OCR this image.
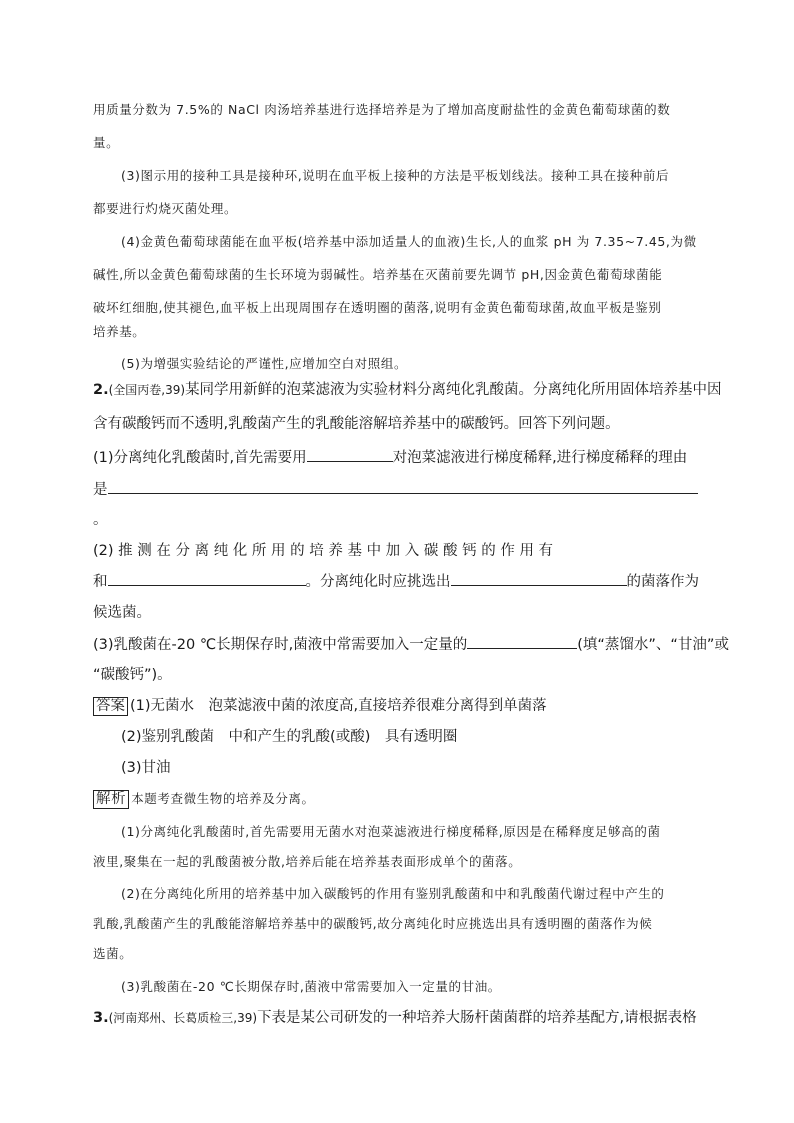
用质量分数为 7.5%的 NaCl 肉汤培养基进行选择培养是为了增加高度耐盐性的金黄色葡萄球菌的数
量。
(3)图示用的接种工具是接种环,说明在血平板上接种的方法是平板划线法。接种工具在接种前后
都要进行灼烧灭菌处理。
(4)金黄色葡萄球菌能在血平板(培养基中添加适量人的血液)生长,人的血浆 pH 为 7.35~7.45,为微
碱性,所以金黄色葡萄球菌的生长环境为弱碱性。培养基在灭菌前要先调节 pH,因金黄色葡萄球菌能
破坏红细胞,使其褪色,血平板上出现周围存在透明圈的菌落,说明有金黄色葡萄球菌,故血平板是鉴别
培养基。
(5)为增强实验结论的严谨性,应增加空白对照组。
2.(全国丙卷,39)某同学用新鲜的泡菜滤液为实验材料分离纯化乳酸菌。分离纯化所用固体培养基中因
含有碳酸钙而不透明,乳酸菌产生的乳酸能溶解培养基中的碳酸钙。回答下列问题。
(1)分离纯化乳酸菌时,首先需要用	对泡菜滤液进行梯度稀释,进行梯度稀释的理由
是
。
(2) 推 测 在 分 离 纯 化 所 用 的 培 养 基 中 加 入 碳 酸 钙 的 作 用 有
和	。分离纯化时应挑选出	的菌落作为
候选菌。
(3)乳酸菌在-20 ℃长期保存时,菌液中常需要加入一定量的	(填“蒸馏水”、“甘油”或
“碳酸钙”)。
答案 (1)无菌水　泡菜滤液中菌的浓度高,直接培养很难分离得到单菌落
(2)鉴别乳酸菌　中和产生的乳酸(或酸)　具有透明圈
(3)甘油
解析 本题考查微生物的培养及分离。
(1)分离纯化乳酸菌时,首先需要用无菌水对泡菜滤液进行梯度稀释,原因是在稀释度足够高的菌
液里,聚集在一起的乳酸菌被分散,培养后能在培养基表面形成单个的菌落。
(2)在分离纯化所用的培养基中加入碳酸钙的作用有鉴别乳酸菌和中和乳酸菌代谢过程中产生的
乳酸,乳酸菌产生的乳酸能溶解培养基中的碳酸钙,故分离纯化时应挑选出具有透明圈的菌落作为候
选菌。
(3)乳酸菌在-20 ℃长期保存时,菌液中常需要加入一定量的甘油。
3.(河南郑州、长葛质检三,39)下表是某公司研发的一种培养大肠杆菌菌群的培养基配方,请根据表格
